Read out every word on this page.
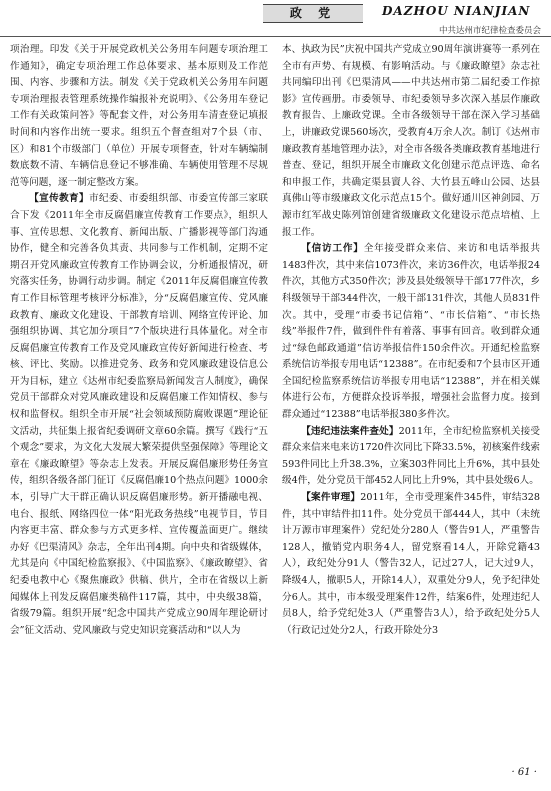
政 党	DAZHOU NIANJIAN
中共达州市纪律检查委员会

项治理。印发《关于开展党政机关公务用车问题专项治理工作通知》，确定专项治理工作总体要求、基本原则及工作范围、内容、步骤和方法。制发《关于党政机关公务用车问题专项治理报表管理系统操作编报补充说明》、《公务用车登记工作有关政策问答》等配套文件，对公务用车清查登记填报时间和内容作出统一要求。组织五个督查组对7个县（市、区）和81个市级部门（单位）开展专项督查，针对车辆编制数底数不清、车辆信息登记不够准确、车辆使用管理不尽规范等问题，逐一制定整改方案。

【宣传教育】市纪委、市委组织部、市委宣传部三家联合下发《2011年全市反腐倡廉宣传教育工作要点》，组织人事、宣传思想、文化教育、新闻出版、广播影视等部门沟通协作，健全和完善各负其责、共同参与工作机制，定期不定期召开党风廉政宣传教育工作协调会议，分析通报情况，研究落实任务，协调行动步调。制定《2011年反腐倡廉宣传教育工作目标管理考核评分标准》，分“反腐倡廉宣传、党风廉政教育、廉政文化建设、干部教育培训、网络宣传评论、加强组织协调、其它加分项目”7个版块进行具体量化。对全市反腐倡廉宣传教育工作及党风廉政宣传好新闻进行检查、考核、评比、奖励。以推进党务、政务和党风廉政建设信息公开为目标，建立《达州市纪委监察局新闻发言人制度》，确保党员干部群众对党风廉政建设和反腐倡廉工作知情权、参与权和监督权。组织全市开展“社会领域预防腐败课题”理论征文活动，共征集上报省纪委调研文章60余篇。撰写《践行“五个观念”要求，为文化大发展大繁荣提供坚强保障》等理论文章在《廉政瞭望》等杂志上发表。开展反腐倡廉形势任务宣传，组织各级各部门征订《反腐倡廉10个热点问题》1000余本，引导广大干群正确认识反腐倡廉形势。新开播融电视、电台、报纸、网络四位一体“阳光政务热线”电视节目，节目内容更丰富、群众参与方式更多样、宣传覆盖面更广。继续办好《巴渠清风》杂志，全年出刊4期。向中央和省级媒体，尤其是向《中国纪检监察报》、《中国监察》、《廉政瞭望》、省纪委电教中心《聚焦廉政》供稿、供片，全市在省级以上新闻媒体上刊发反腐倡廉类稿件117篇，其中，中央级38篇，省级79篇。组织开展“纪念中国共产党成立90周年理论研讨会”征文活动、党风廉政与党史知识竞赛活动和“以人为

本、执政为民”庆祝中国共产党成立90周年演讲赛等一系列在全市有声势、有规模、有影响活动。与《廉政瞭望》杂志社共同编印出刊《巴渠清风——中共达州市第二届纪委工作掠影》宣传画册。市委领导、市纪委领导多次深入基层作廉政教育报告、上廉政党课。全市各级领导干部在深入学习基础上，讲廉政党课560场次，受教育4万余人次。制订《达州市廉政教育基地管理办法》，对全市各级各类廉政教育基地进行普查、登记，组织开展全市廉政文化创建示范点评选、命名和申报工作，共确定渠县賨人谷、大竹县五峰山公园、达县真佛山等市级廉政文化示范点15个。做好通川区神剑园、万源市红军战史陈列馆创建省级廉政文化建设示范点培植、上报工作。

【信访工作】全年接受群众来信、来访和电话举报共1483件次，其中来信1073件次，来访36件次，电话举报24件次，其他方式350件次；涉及县处级领导干部177件次，乡科级领导干部344件次，一般干部131件次，其他人员831件次。其中，受理“市委书记信箱”、“市长信箱”、“市长热线”举报件7件，做到件件有着落、事事有回音。收到群众通过“绿色邮政通道”信访举报信件150余件次。开通纪检监察系统信访举报专用电话“12388”。在市纪委和7个县市区开通全国纪检监察系统信访举报专用电话“12388”，并在相关媒体进行公布，方便群众投诉举报，增强社会监督力度。接到群众通过“12388”电话举报380多件次。

【违纪违法案件查处】2011年，全市纪检监察机关接受群众来信来电来访1720件次同比下降33.5%，初核案件线索593件同比上升38.3%，立案303件同比上升6%，其中县处级4件，处分党员干部452人同比上升9%，其中县处级6人。

【案件审理】2011年，全市受理案件345件，审结328件，其中审结件扣11件。处分党员干部444人，其中（未统计万源市审理案件）党纪处分280人（警告91人，严重警告128人，撤销党内职务4人，留党察看14人，开除党籍43人），政纪处分91人（警告32人，记过27人，记大过9人，降级4人，撤职5人，开除14人），双重处分9人，免予纪律处分6人。其中，市本级受理案件12件，结案6件，处理违纪人员8人，给予党纪处3人（严重警告3人），给予政纪处分5人（行政记过处分2人，行政开除处分3

· 61 ·
